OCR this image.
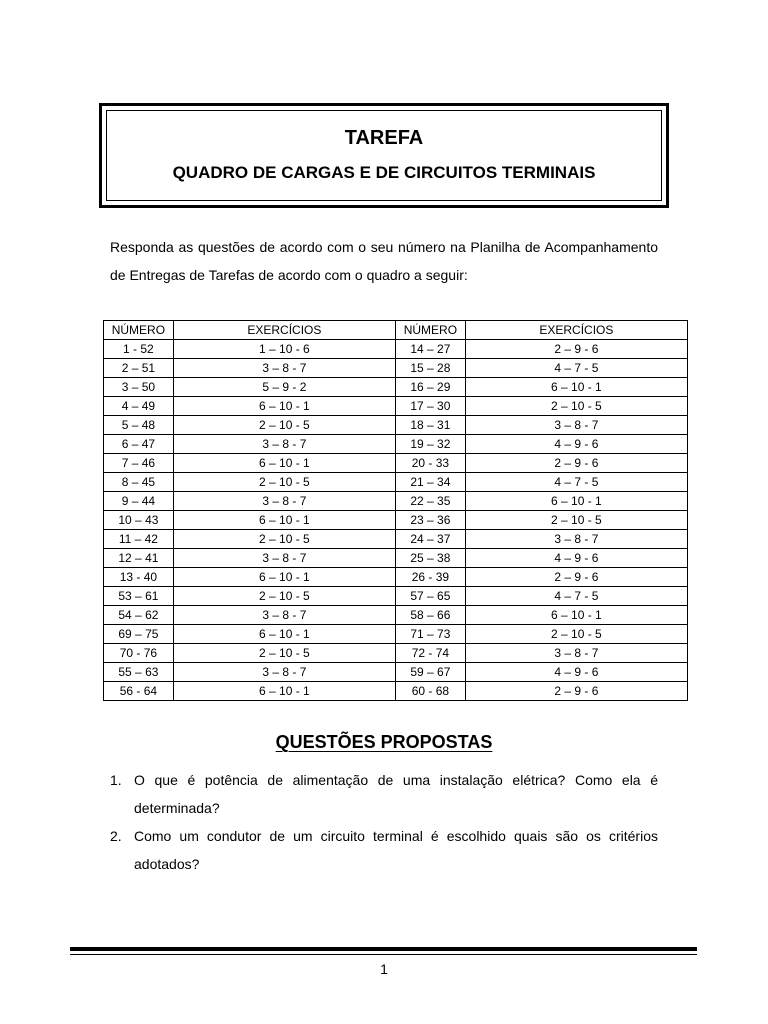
TAREFA
QUADRO DE CARGAS E DE CIRCUITOS TERMINAIS
Responda as questões de acordo com o seu número na Planilha de Acompanhamento de Entregas de Tarefas de acordo com o quadro a seguir:
NÚMERO	EXERCÍCIOS	NÚMERO	EXERCÍCIOS
1 - 52	1 – 10 - 6	14 – 27	2 – 9 - 6
2 – 51	3 – 8 - 7	15 – 28	4 – 7 - 5
3 – 50	5 – 9 - 2	16 – 29	6 – 10 - 1
4 – 49	6 – 10 - 1	17 – 30	2 – 10 - 5
5 – 48	2 – 10 - 5	18 – 31	3 – 8 - 7
6 – 47	3 – 8 - 7	19 – 32	4 – 9 - 6
7 – 46	6 – 10 - 1	20 - 33	2 – 9 - 6
8 – 45	2 – 10 - 5	21 – 34	4 – 7 - 5
9 – 44	3 – 8 - 7	22 – 35	6 – 10 - 1
10 – 43	6 – 10 - 1	23 – 36	2 – 10 - 5
11 – 42	2 – 10 - 5	24 – 37	3 – 8 - 7
12 – 41	3 – 8 - 7	25 – 38	4 – 9 - 6
13 - 40	6 – 10 - 1	26 - 39	2 – 9 - 6
53 – 61	2 – 10 - 5	57 – 65	4 – 7 - 5
54 – 62	3 – 8 - 7	58 – 66	6 – 10 - 1
69 – 75	6 – 10 - 1	71 – 73	2 – 10 - 5
70 - 76	2 – 10 - 5	72 - 74	3 – 8 - 7
55 – 63	3 – 8 - 7	59 – 67	4 – 9 - 6
56 - 64	6 – 10 - 1	60 - 68	2 – 9 - 6
QUESTÕES PROPOSTAS
1. O que é potência de alimentação de uma instalação elétrica? Como ela é determinada?
2. Como um condutor de um circuito terminal é escolhido quais são os critérios adotados?
1
